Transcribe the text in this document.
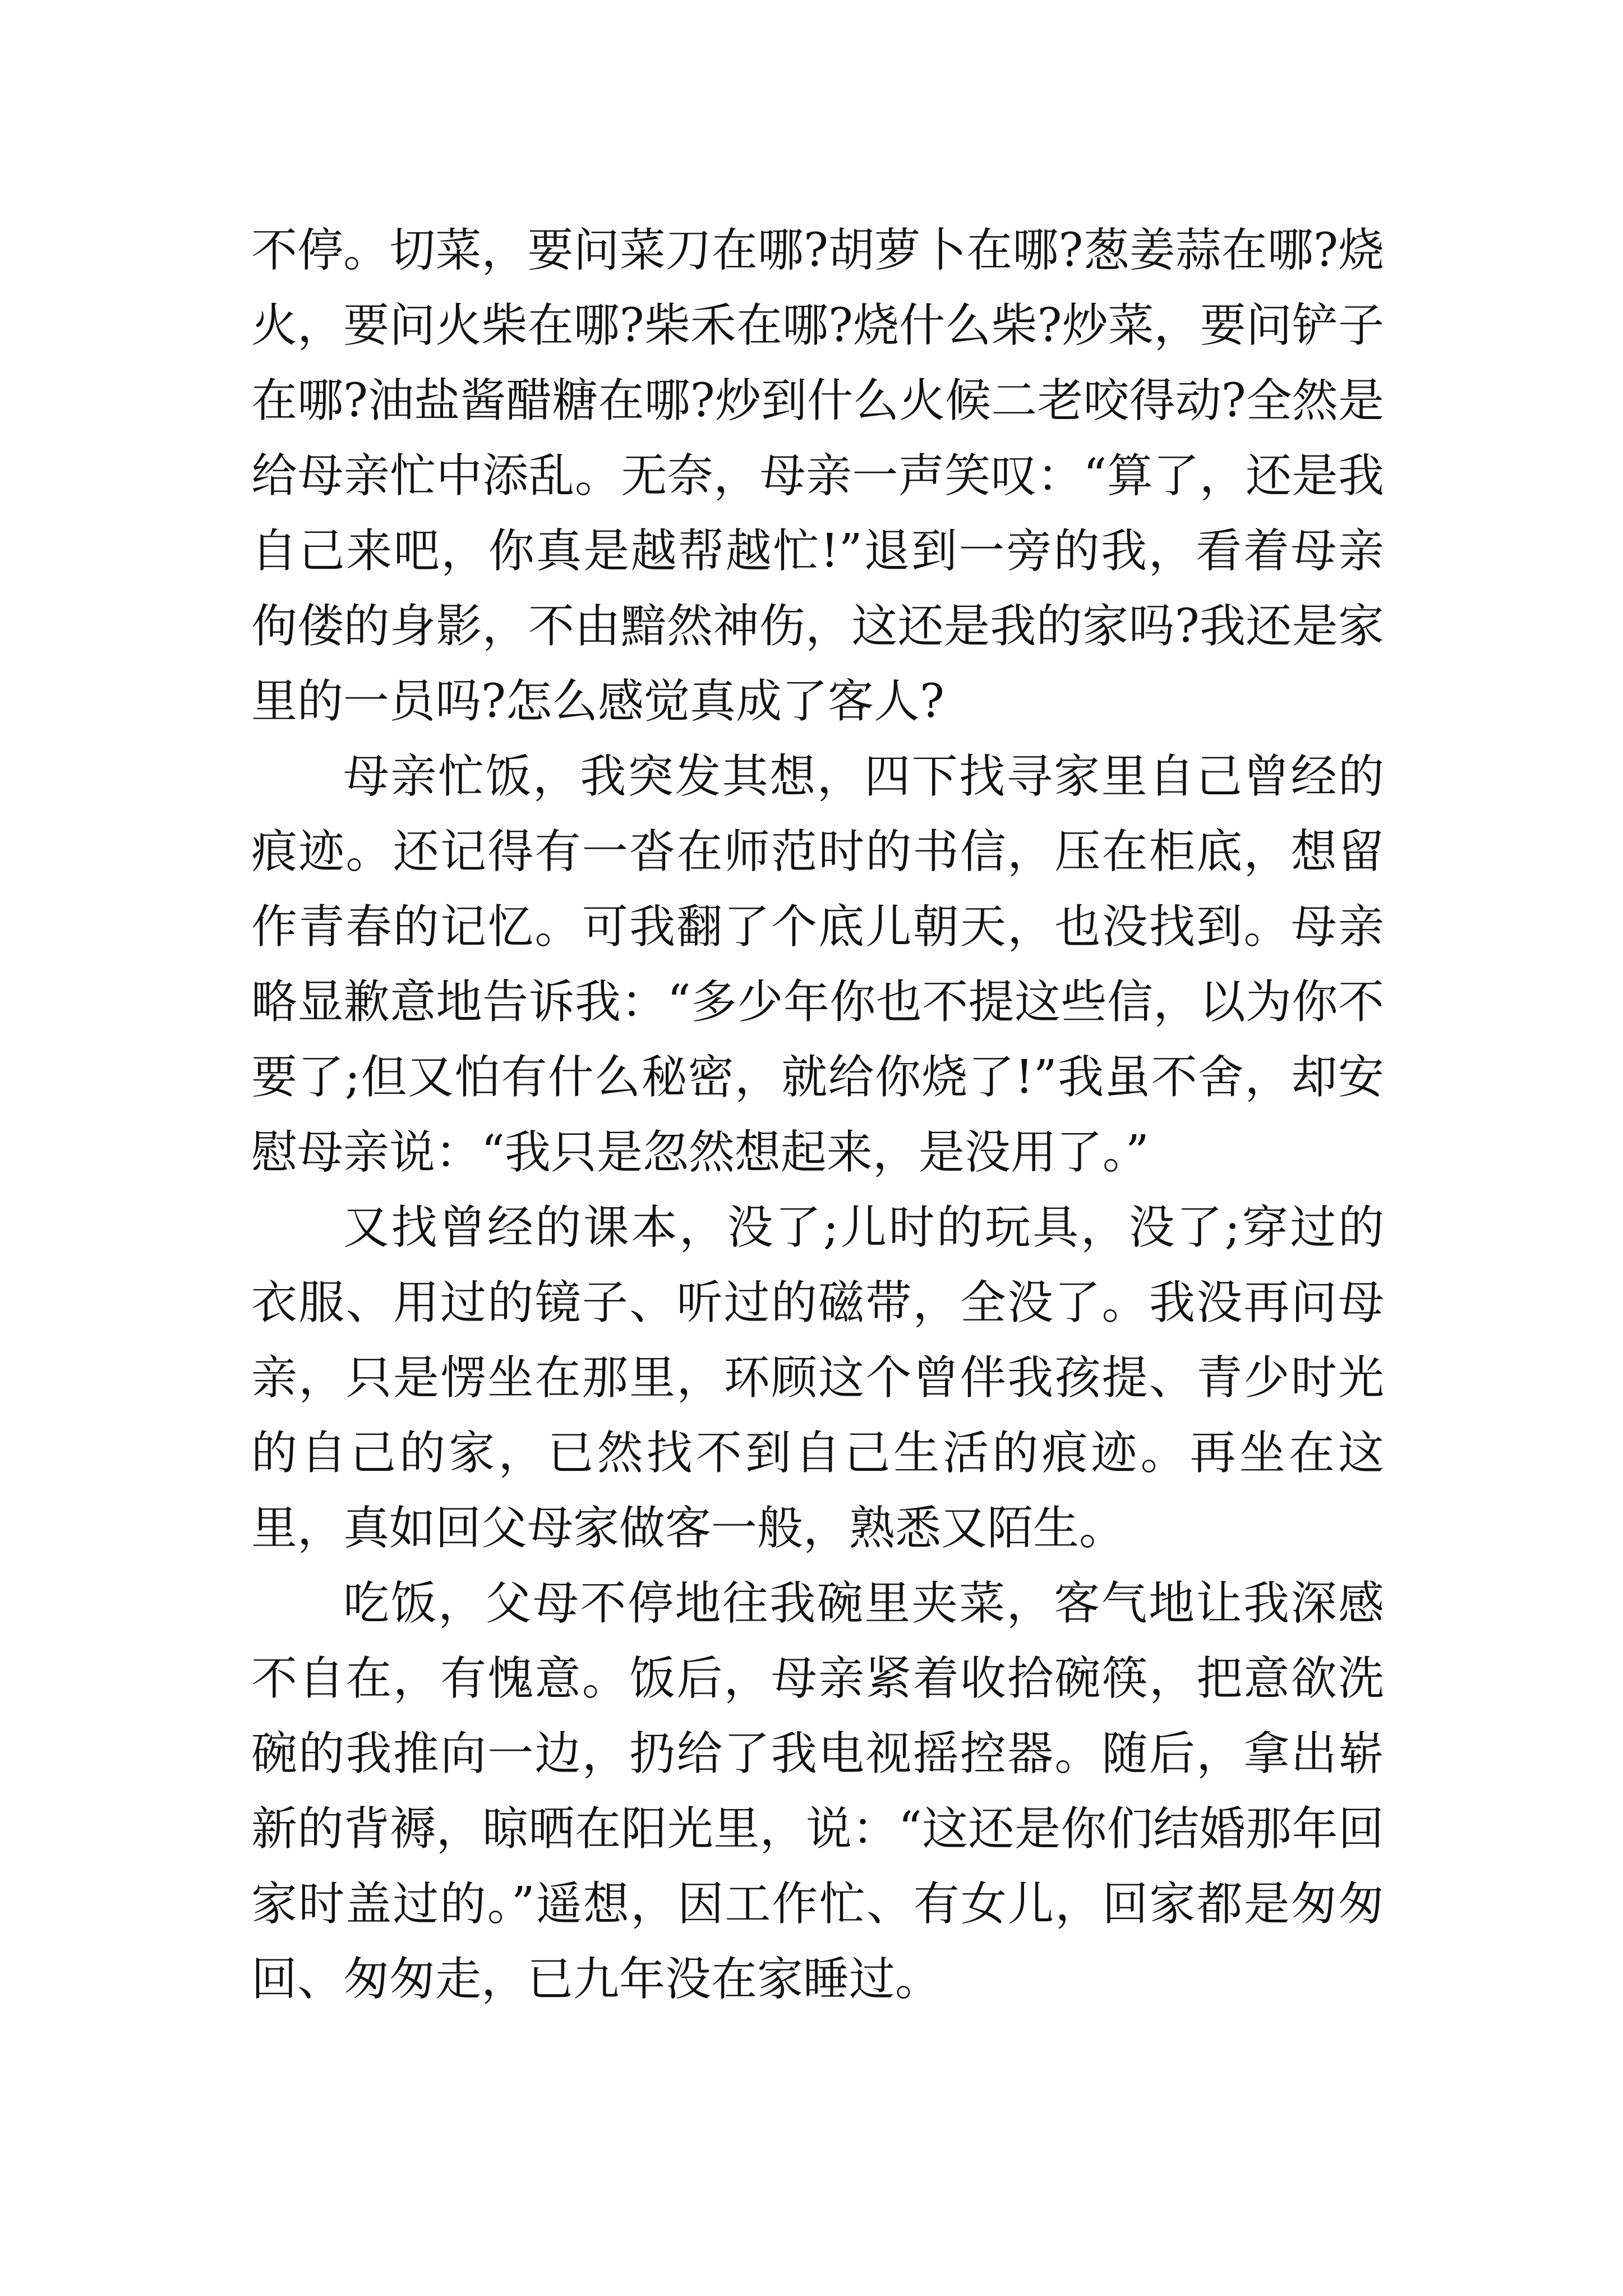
不停。切菜，要问菜刀在哪?胡萝卜在哪?葱姜蒜在哪?烧火，要问火柴在哪?柴禾在哪?烧什么柴?炒菜，要问铲子在哪?油盐酱醋糖在哪?炒到什么火候二老咬得动?全然是给母亲忙中添乱。无奈，母亲一声笑叹：“算了，还是我自己来吧，你真是越帮越忙!”退到一旁的我，看着母亲佝偻的身影，不由黯然神伤，这还是我的家吗?我还是家里的一员吗?怎么感觉真成了客人?

母亲忙饭，我突发其想，四下找寻家里自己曾经的痕迹。还记得有一沓在师范时的书信，压在柜底，想留作青春的记忆。可我翻了个底儿朝天，也没找到。母亲略显歉意地告诉我：“多少年你也不提这些信，以为你不要了;但又怕有什么秘密，就给你烧了!”我虽不舍，却安慰母亲说：“我只是忽然想起来，是没用了。”

又找曾经的课本，没了;儿时的玩具，没了;穿过的衣服、用过的镜子、听过的磁带，全没了。我没再问母亲，只是愣坐在那里，环顾这个曾伴我孩提、青少时光的自己的家，已然找不到自己生活的痕迹。再坐在这里，真如回父母家做客一般，熟悉又陌生。

吃饭，父母不停地往我碗里夹菜，客气地让我深感不自在，有愧意。饭后，母亲紧着收拾碗筷，把意欲洗碗的我推向一边，扔给了我电视摇控器。随后，拿出崭新的背褥，晾晒在阳光里，说：“这还是你们结婚那年回家时盖过的。”遥想，因工作忙、有女儿，回家都是匆匆回、匆匆走，已九年没在家睡过。
